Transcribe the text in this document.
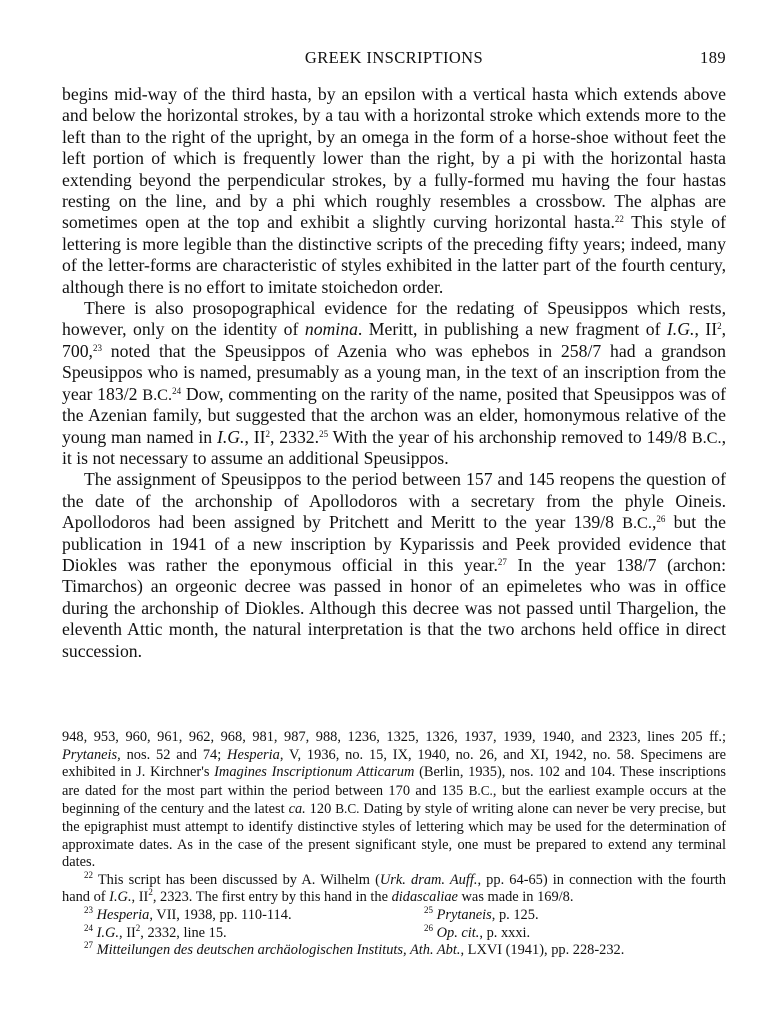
GREEK INSCRIPTIONS	189

begins mid-way of the third hasta, by an epsilon with a vertical hasta which extends above and below the horizontal strokes, by a tau with a horizontal stroke which extends more to the left than to the right of the upright, by an omega in the form of a horse-shoe without feet the left portion of which is frequently lower than the right, by a pi with the horizontal hasta extending beyond the perpendicular strokes, by a fully-formed mu having the four hastas resting on the line, and by a phi which roughly resembles a crossbow. The alphas are sometimes open at the top and exhibit a slightly curving horizontal hasta.$^{22}$ This style of lettering is more legible than the distinctive scripts of the preceding fifty years; indeed, many of the letter-forms are characteristic of styles exhibited in the latter part of the fourth century, although there is no effort to imitate stoichedon order.

There is also prosopographical evidence for the redating of Speusippos which rests, however, only on the identity of nomina. Meritt, in publishing a new fragment of I.G., $II^2$, 700,23 noted that the Speusippos of Azenia who was ephebos in 258/7 had a grandson Speusippos who is named, presumably as a young man, in the text of an inscription from the year 183/2 B.C.$^{24}$ Dow, commenting on the rarity of the name, posited that Speusippos was of the Azenian family, but suggested that the archon was an elder, homonymous relative of the young man named in I.G., $II^2$, 2332.25 With the year of his archonship removed to 149/8 B.C., it is not necessary to assume an additional Speusippos.

The assignment of Speusippos to the period between 157 and 145 reopens the question of the date of the archonship of Apollodoros with a secretary from the phyle Oineis. Apollodoros had been assigned by Pritchett and Meritt to the year 139/8 B.C.,$^{26}$ but the publication in 1941 of a new inscription by Kyparissis and Peek provided evidence that Diokles was rather the eponymous official in this year.$^{27}$ In the year 138/7 (archon: Timarchos) an orgeonic decree was passed in honor of an epimeletes who was in office during the archonship of Diokles. Although this decree was not passed until Thargelion, the eleventh Attic month, the natural interpretation is that the two archons held office in direct succession.

948, 953, 960, 961, 962, 968, 981, 987, 988, 1236, 1325, 1326, 1937, 1939, 1940, and 2323, lines 205 ff.; Prytaneis, nos. 52 and 74; Hesperia, V, 1936, no. 15, IX, 1940, no. 26, and XI, 1942, no. 58. Specimens are exhibited in J. Kirchner's Imagines Inscriptionum Atticarum (Berlin, 1935), nos. 102 and 104. These inscriptions are dated for the most part within the period between 170 and 135 B.C., but the earliest example occurs at the beginning of the century and the latest ca. 120 B.C. Dating by style of writing alone can never be very precise, but the epigraphist must attempt to identify distinctive styles of lettering which may be used for the determination of approximate dates. As in the case of the present significant style, one must be prepared to extend any terminal dates.

$^{22}$ This script has been discussed by A. Wilhelm (Urk. dram. Auff., pp. 64-65) in connection with the fourth hand of I.G., $II^2$, 2323. The first entry by this hand in the didascaliae was made in 169/8.

$^{23}$ Hesperia, VII, 1938, pp. 110-114.	$^{25}$ Prytaneis, p. 125.
$^{24}$ I.G., $II^2$, 2332, line 15.	$^{26}$ Op. cit., p. xxxi.

$^{27}$ Mitteilungen des deutschen archäologischen Instituts, Ath. Abt., LXVI (1941), pp. 228-232.
